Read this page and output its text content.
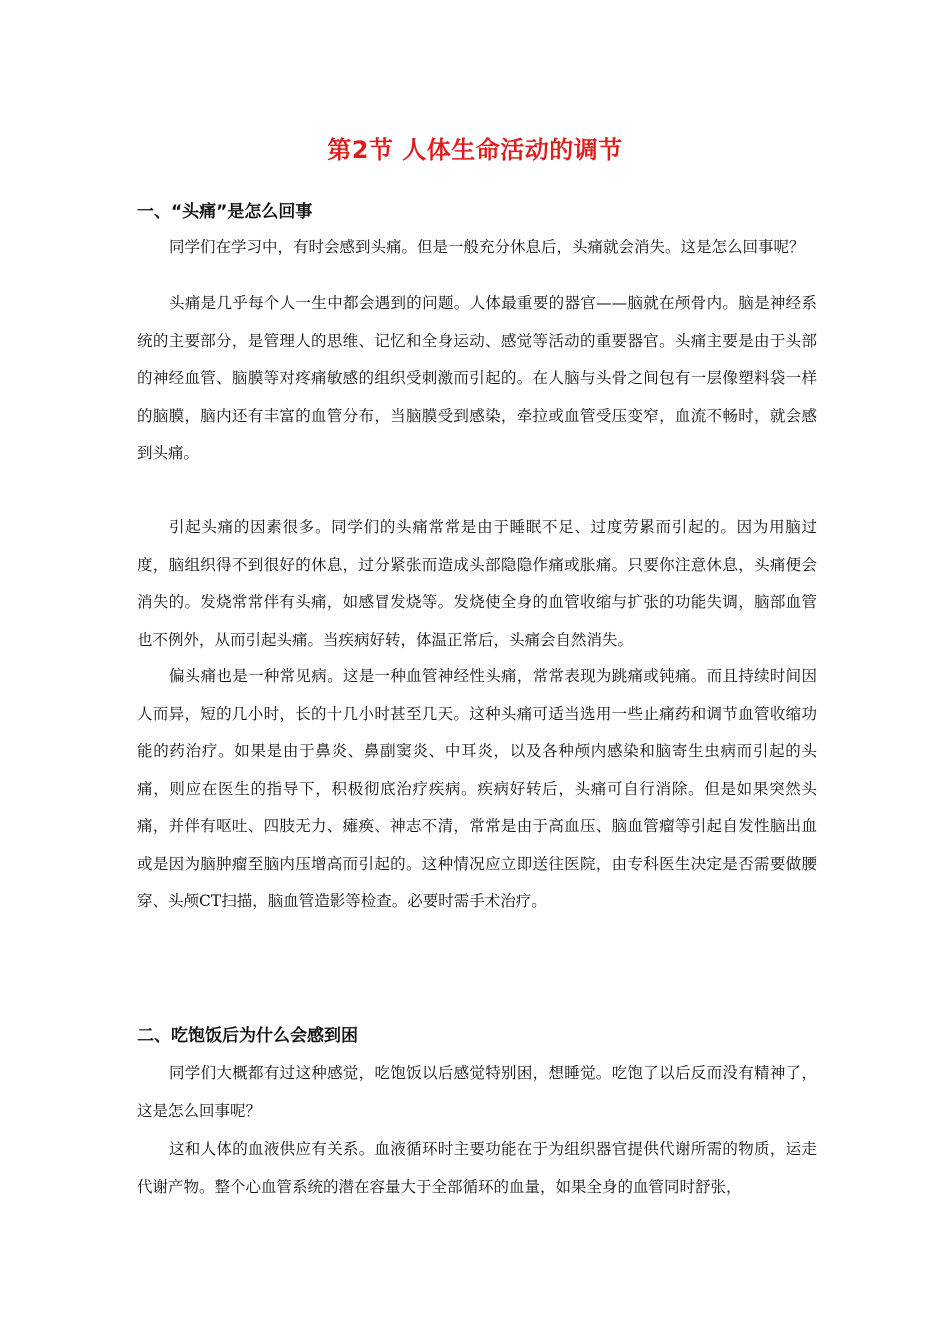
第2节 人体生命活动的调节
一、“头痛”是怎么回事

同学们在学习中，有时会感到头痛。但是一般充分休息后，头痛就会消失。这是怎么回事呢？

头痛是几乎每个人一生中都会遇到的问题。人体最重要的器官——脑就在颅骨内。脑是神经系统的主要部分，是管理人的思维、记忆和全身运动、感觉等活动的重要器官。头痛主要是由于头部的神经血管、脑膜等对疼痛敏感的组织受刺激而引起的。在人脑与头骨之间包有一层像塑料袋一样的脑膜，脑内还有丰富的血管分布，当脑膜受到感染，牵拉或血管受压变窄，血流不畅时，就会感到头痛。

引起头痛的因素很多。同学们的头痛常常是由于睡眠不足、过度劳累而引起的。因为用脑过度，脑组织得不到很好的休息，过分紧张而造成头部隐隐作痛或胀痛。只要你注意休息，头痛便会消失的。发烧常常伴有头痛，如感冒发烧等。发烧使全身的血管收缩与扩张的功能失调，脑部血管也不例外，从而引起头痛。当疾病好转，体温正常后，头痛会自然消失。

偏头痛也是一种常见病。这是一种血管神经性头痛，常常表现为跳痛或钝痛。而且持续时间因人而异，短的几小时，长的十几小时甚至几天。这种头痛可适当选用一些止痛药和调节血管收缩功能的药治疗。如果是由于鼻炎、鼻副窦炎、中耳炎，以及各种颅内感染和脑寄生虫病而引起的头痛，则应在医生的指导下，积极彻底治疗疾病。疾病好转后，头痛可自行消除。但是如果突然头痛，并伴有呕吐、四肢无力、瘫痪、神志不清，常常是由于高血压、脑血管瘤等引起自发性脑出血或是因为脑肿瘤至脑内压增高而引起的。这种情况应立即送往医院，由专科医生决定是否需要做腰穿、头颅CT扫描，脑血管造影等检查。必要时需手术治疗。

二、吃饱饭后为什么会感到困

同学们大概都有过这种感觉，吃饱饭以后感觉特别困，想睡觉。吃饱了以后反而没有精神了，这是怎么回事呢？

这和人体的血液供应有关系。血液循环时主要功能在于为组织器官提供代谢所需的物质，运走代谢产物。整个心血管系统的潜在容量大于全部循环的血量，如果全身的血管同时舒张，
